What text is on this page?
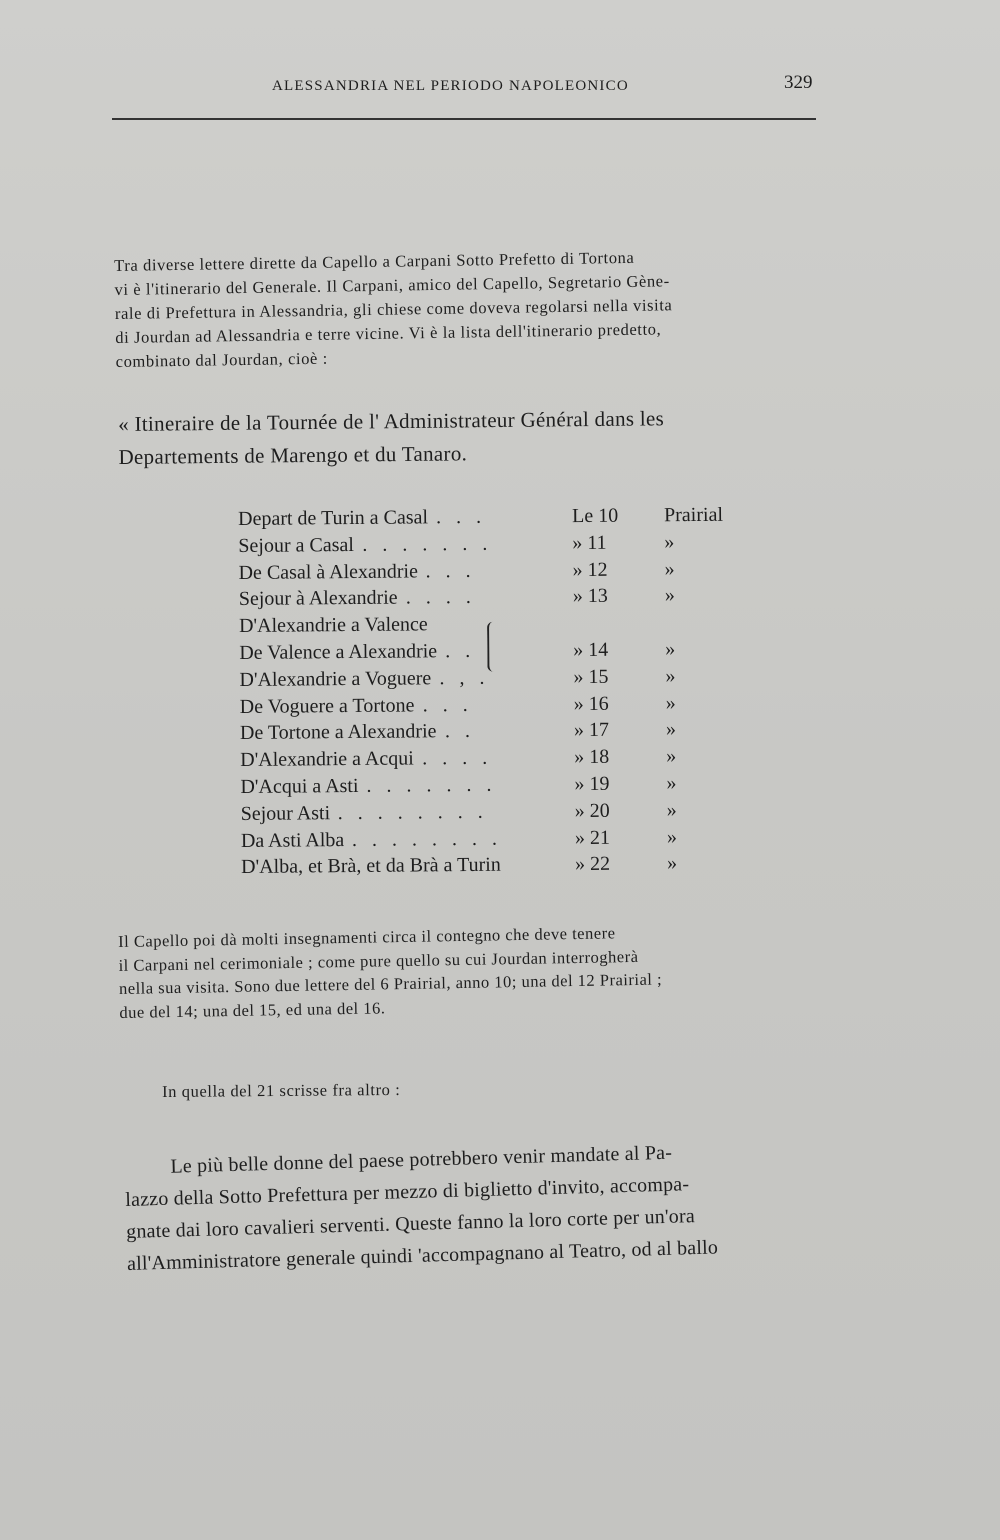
ALESSANDRIA NEL PERIODO NAPOLEONICO	329

Tra diverse lettere dirette da Capello a Carpani Sotto Prefetto di Tortona
vi è l'itinerario del Generale. Il Carpani, amico del Capello, Segretario Gène-
rale di Prefettura in Alessandria, gli chiese come doveva regolarsi nella visita
di Jourdan ad Alessandria e terre vicine. Vi è la lista dell'itinerario predetto,
combinato dal Jourdan, cioè :

« Itineraire de la Tournée de l' Administrateur Général dans les
Departements de Marengo et du Tanaro.

Depart de Turin a Casal . . .	Le 10 Prairial
Sejour a Casal . . . . . . .	» 11	»
De Casal à Alexandrie . . .	» 12	»
Sejour à Alexandrie . . . .	» 13	»
D'Alexandrie a Valence
De Valence a Alexandrie . .	» 14	»
D'Alexandrie a Voguere . , .	» 15	»
De Voguere a Tortone . . .	» 16	»
De Tortone a Alexandrie . .	» 17	»
D'Alexandrie a Acqui . . . .	» 18	»
D'Acqui a Asti . . . . . . .	» 19	»
Sejour Asti . . . . . . . .	» 20	»
Da Asti Alba . . . . . . . .	» 21	»
D'Alba, et Brà, et da Brà a Turin	» 22	»

Il Capello poi dà molti insegnamenti circa il contegno che deve tenere
il Carpani nel cerimoniale ; come pure quello su cui Jourdan interrogherà
nella sua visita. Sono due lettere del 6 Prairial, anno 10; una del 12 Prairial ;
due del 14; una del 15, ed una del 16.

In quella del 21 scrisse fra altro :

Le più belle donne del paese potrebbero venir mandate al Pa-
lazzo della Sotto Prefettura per mezzo di biglietto d'invito, accompa-
gnate dai loro cavalieri serventi. Queste fanno la loro corte per un'ora
all'Amministratore generale quindi 'accompagnano al Teatro, od al ballo
